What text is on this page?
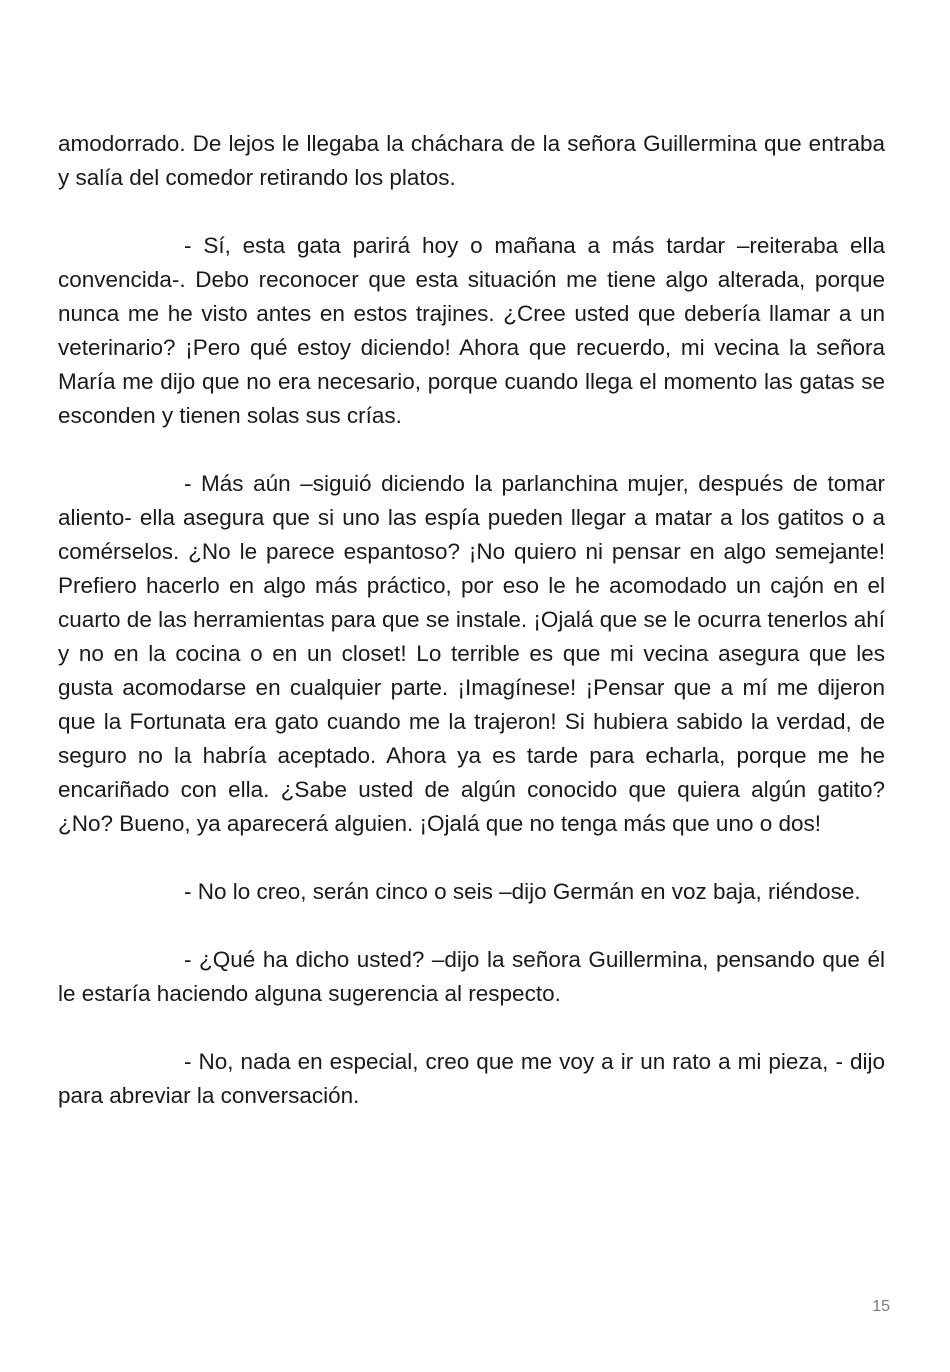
amodorrado. De lejos le llegaba la cháchara de la señora Guillermina que entraba y salía del comedor retirando los platos.

- Sí, esta gata parirá hoy o mañana a más tardar –reiteraba ella convencida-. Debo reconocer que esta situación me tiene algo alterada, porque nunca me he visto antes en estos trajines. ¿Cree usted que debería llamar a un veterinario? ¡Pero qué estoy diciendo! Ahora que recuerdo, mi vecina la señora María me dijo que no era necesario, porque cuando llega el momento las gatas se esconden y tienen solas sus crías.

- Más aún –siguió diciendo la parlanchina mujer, después de tomar aliento- ella asegura que si uno las espía pueden llegar a matar a los gatitos o a comérselos. ¿No le parece espantoso? ¡No quiero ni pensar en algo semejante! Prefiero hacerlo en algo más práctico, por eso le he acomodado un cajón en el cuarto de las herramientas para que se instale. ¡Ojalá que se le ocurra tenerlos ahí y no en la cocina o en un closet! Lo terrible es que mi vecina asegura que les gusta acomodarse en cualquier parte. ¡Imagínese! ¡Pensar que a mí me dijeron que la Fortunata era gato cuando me la trajeron! Si hubiera sabido la verdad, de seguro no la habría aceptado. Ahora ya es tarde para echarla, porque me he encariñado con ella. ¿Sabe usted de algún conocido que quiera algún gatito? ¿No? Bueno, ya aparecerá alguien. ¡Ojalá que no tenga más que uno o dos!

- No lo creo, serán cinco o seis –dijo Germán en voz baja, riéndose.

- ¿Qué ha dicho usted? –dijo la señora Guillermina, pensando que él le estaría haciendo alguna sugerencia al respecto.

- No, nada en especial, creo que me voy a ir un rato a mi pieza, - dijo para abreviar la conversación.

15
